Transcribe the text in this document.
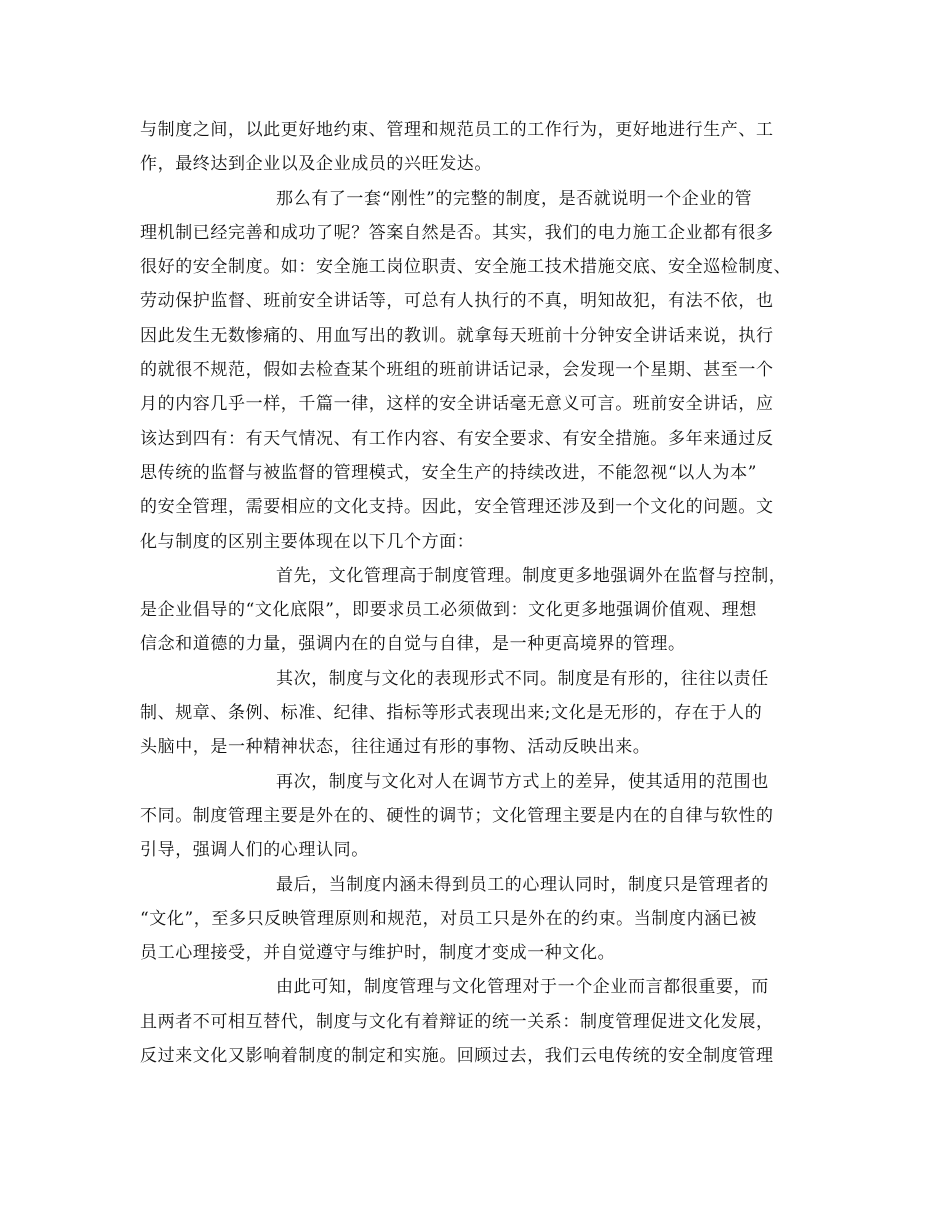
与制度之间，以此更好地约束、管理和规范员工的工作行为，更好地进行生产、工
作，最终达到企业以及企业成员的兴旺发达。
那么有了一套“刚性”的完整的制度，是否就说明一个企业的管
理机制已经完善和成功了呢？答案自然是否。其实，我们的电力施工企业都有很多
很好的安全制度。如：安全施工岗位职责、安全施工技术措施交底、安全巡检制度、
劳动保护监督、班前安全讲话等，可总有人执行的不真，明知故犯，有法不依，也
因此发生无数惨痛的、用血写出的教训。就拿每天班前十分钟安全讲话来说，执行
的就很不规范，假如去检查某个班组的班前讲话记录，会发现一个星期、甚至一个
月的内容几乎一样，千篇一律，这样的安全讲话毫无意义可言。班前安全讲话，应
该达到四有：有天气情况、有工作内容、有安全要求、有安全措施。多年来通过反
思传统的监督与被监督的管理模式，安全生产的持续改进，不能忽视“以人为本”
的安全管理，需要相应的文化支持。因此，安全管理还涉及到一个文化的问题。文
化与制度的区别主要体现在以下几个方面：
首先，文化管理高于制度管理。制度更多地强调外在监督与控制，
是企业倡导的“文化底限”，即要求员工必须做到：文化更多地强调价值观、理想
信念和道德的力量，强调内在的自觉与自律，是一种更高境界的管理。
其次，制度与文化的表现形式不同。制度是有形的，往往以责任
制、规章、条例、标准、纪律、指标等形式表现出来;文化是无形的，存在于人的
头脑中，是一种精神状态，往往通过有形的事物、活动反映出来。
再次，制度与文化对人在调节方式上的差异，使其适用的范围也
不同。制度管理主要是外在的、硬性的调节；文化管理主要是内在的自律与软性的
引导，强调人们的心理认同。
最后，当制度内涵未得到员工的心理认同时，制度只是管理者的
“文化”，至多只反映管理原则和规范，对员工只是外在的约束。当制度内涵已被
员工心理接受，并自觉遵守与维护时，制度才变成一种文化。
由此可知，制度管理与文化管理对于一个企业而言都很重要，而
且两者不可相互替代，制度与文化有着辩证的统一关系：制度管理促进文化发展，
反过来文化又影响着制度的制定和实施。回顾过去，我们云电传统的安全制度管理
